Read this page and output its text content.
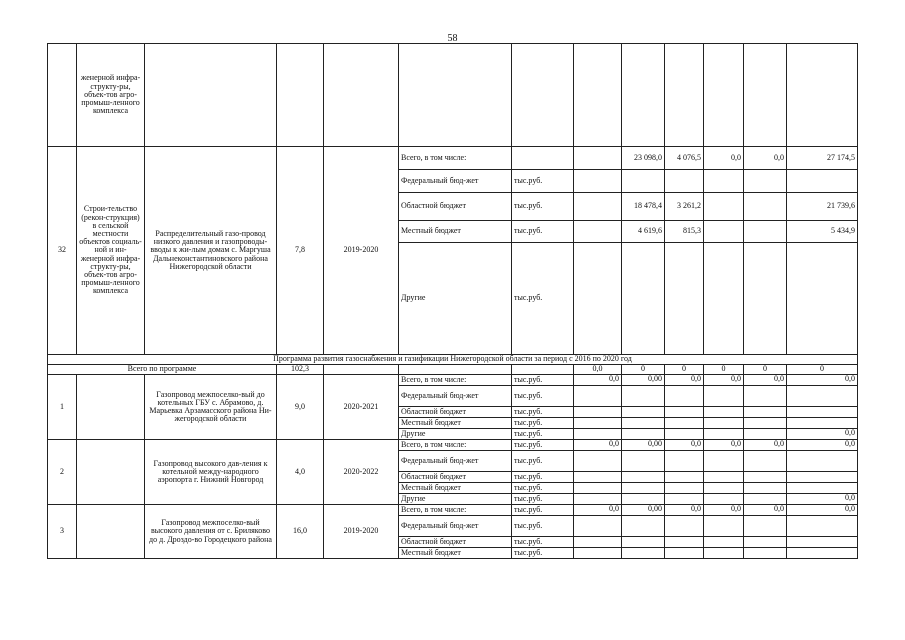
58
	женерной инфра-структу-ры, объек-тов агро-промыш-ленного комплекса												
32	Строи-тельство (рекон-струкция) в сельской местности объектов социаль-ной и ин-женерной инфра-структу-ры, объек-тов агро-промыш-ленного комплекса	Распределительный газо-провод низкого давления и газопроводы-вводы к жи-лым домам с. Маргуша Дальнеконстантиновского района Нижегородской области	7,8	2019-2020	Всего, в том числе:			23 098,0	4 076,5	0,0	0,0	27 174,5	
					Федеральный бюд-жет	тыс.руб.							
					Областной бюджет	тыс.руб.		18 478,4	3 261,2			21 739,6	
					Местный бюджет	тыс.руб.		4 619,6	815,3			5 434,9	
					Другие	тыс.руб.							
Программа развития газоснабжения и газификации Нижегородской области за период с 2016 по 2020 год													
Всего по программе			102,3				0,0	0	0	0	0	0	
1		Газопровод межпоселко-вый до котельных ГБУ с. Абрамово, д. Марьевка Арзамасского района Ни-жегородской области	9,0	2020-2021	Всего, в том числе:	тыс.руб.	0,0	0,00	0,0	0,0	0,0	0,0	
					Федеральный бюд-жет	тыс.руб.							
					Областной бюджет	тыс.руб.							
					Местный бюджет	тыс.руб.							
					Другие	тыс.руб.						0,0	
2		Газопровод высокого дав-ления к котельной между-народного аэропорта г. Нижний Новгород	4,0	2020-2022	Всего, в том числе:	тыс.руб.	0,0	0,00	0,0	0,0	0,0	0,0	
					Федеральный бюд-жет	тыс.руб.							
					Областной бюджет	тыс.руб.							
					Местный бюджет	тыс.руб.							
					Другие	тыс.руб.						0,0	
3		Газопровод межпоселко-вый высокого давления от с. Бриляково до д. Дроздо-во Городецкого района	16,0	2019-2020	Всего, в том числе:	тыс.руб.	0,0	0,00	0,0	0,0	0,0	0,0	
					Федеральный бюд-жет	тыс.руб.							
					Областной бюджет	тыс.руб.							
					Местный бюджет	тыс.руб.							
